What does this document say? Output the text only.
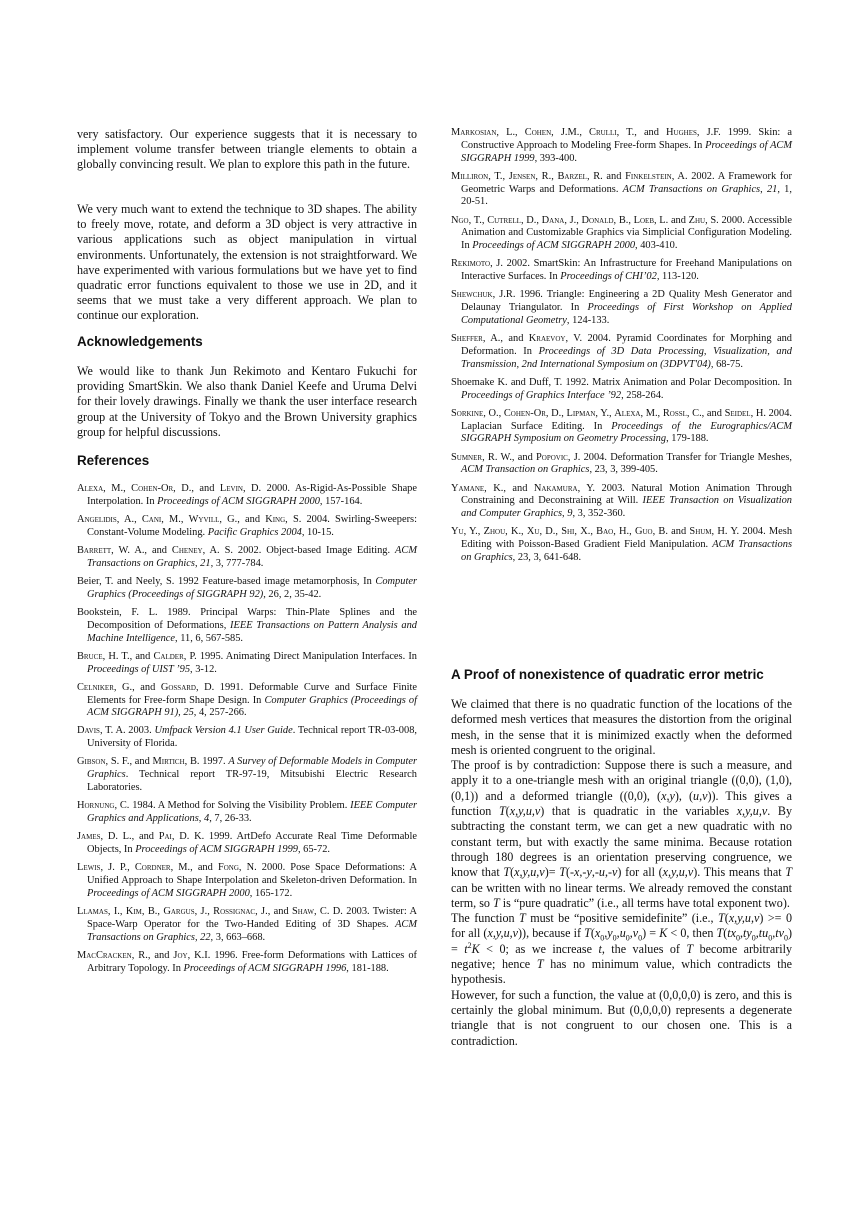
very satisfactory. Our experience suggests that it is necessary to implement volume transfer between triangle elements to obtain a globally convincing result. We plan to explore this path in the future.

We very much want to extend the technique to 3D shapes. The ability to freely move, rotate, and deform a 3D object is very attractive in various applications such as object manipulation in virtual environments. Unfortunately, the extension is not straightforward. We have experimented with various formulations but we have yet to find quadratic error functions equivalent to those we use in 2D, and it seems that we must take a very different approach. We plan to continue our exploration.

Acknowledgements

We would like to thank Jun Rekimoto and Kentaro Fukuchi for providing SmartSkin. We also thank Daniel Keefe and Uruma Delvi for their lovely drawings. Finally we thank the user interface research group at the University of Tokyo and the Brown University graphics group for helpful discussions.

References
Alexa, M., Cohen-Or, D., and Levin, D. 2000. As-Rigid-As-Possible Shape Interpolation. In Proceedings of ACM SIGGRAPH 2000, 157-164.
Angelidis, A., Cani, M., Wyvill, G., and King, S. 2004. Swirling-Sweepers: Constant-Volume Modeling. Pacific Graphics 2004, 10-15.
Barrett, W. A., and Cheney, A. S. 2002. Object-based Image Editing. ACM Transactions on Graphics, 21, 3, 777-784.
Beier, T. and Neely, S. 1992 Feature-based image metamorphosis, In Computer Graphics (Proceedings of SIGGRAPH 92), 26, 2, 35-42.
Bookstein, F. L. 1989. Principal Warps: Thin-Plate Splines and the Decomposition of Deformations, IEEE Transactions on Pattern Analysis and Machine Intelligence, 11, 6, 567-585.
Bruce, H. T., and Calder, P. 1995. Animating Direct Manipulation Interfaces. In Proceedings of UIST ’95, 3-12.
Celniker, G., and Gossard, D. 1991. Deformable Curve and Surface Finite Elements for Free-form Shape Design. In Computer Graphics (Proceedings of ACM SIGGRAPH 91), 25, 4, 257-266.
Davis, T. A. 2003. Umfpack Version 4.1 User Guide. Technical report TR-03-008, University of Florida.
Gibson, S. F., and Mirtich, B. 1997. A Survey of Deformable Models in Computer Graphics. Technical report TR-97-19, Mitsubishi Electric Research Laboratories.
Hornung, C. 1984. A Method for Solving the Visibility Problem. IEEE Computer Graphics and Applications, 4, 7, 26-33.
James, D. L., and Pai, D. K. 1999. ArtDefo Accurate Real Time Deformable Objects, In Proceedings of ACM SIGGRAPH 1999, 65-72.
Lewis, J. P., Cordner, M., and Fong, N. 2000. Pose Space Deformations: A Unified Approach to Shape Interpolation and Skeleton-driven Deformation. In Proceedings of ACM SIGGRAPH 2000, 165-172.
Llamas, I., Kim, B., Gargus, J., Rossignac, J., and Shaw, C. D. 2003. Twister: A Space-Warp Operator for the Two-Handed Editing of 3D Shapes. ACM Transactions on Graphics, 22, 3, 663–668.
MacCracken, R., and Joy, K.I. 1996. Free-form Deformations with Lattices of Arbitrary Topology. In Proceedings of ACM SIGGRAPH 1996, 181-188.
Markosian, L., Cohen, J.M., Crulli, T., and Hughes, J.F. 1999. Skin: a Constructive Approach to Modeling Free-form Shapes. In Proceedings of ACM SIGGRAPH 1999, 393-400.
Milliron, T., Jensen, R., Barzel, R. and Finkelstein, A. 2002. A Framework for Geometric Warps and Deformations. ACM Transactions on Graphics, 21, 1, 20-51.
Ngo, T., Cutrell, D., Dana, J., Donald, B., Loeb, L. and Zhu, S. 2000. Accessible Animation and Customizable Graphics via Simplicial Configuration Modeling. In Proceedings of ACM SIGGRAPH 2000, 403-410.
Rekimoto, J. 2002. SmartSkin: An Infrastructure for Freehand Manipulations on Interactive Surfaces. In Proceedings of CHI’02, 113-120.
Shewchuk, J.R. 1996. Triangle: Engineering a 2D Quality Mesh Generator and Delaunay Triangulator. In Proceedings of First Workshop on Applied Computational Geometry, 124-133.
Sheffer, A., and Kraevoy, V. 2004. Pyramid Coordinates for Morphing and Deformation. In Proceedings of 3D Data Processing, Visualization, and Transmission, 2nd International Symposium on (3DPVT'04), 68-75.
Shoemake K. and Duff, T. 1992. Matrix Animation and Polar Decomposition. In Proceedings of Graphics Interface ’92, 258-264.
Sorkine, O., Cohen-Or, D., Lipman, Y., Alexa, M., Rossl, C., and Seidel, H. 2004. Laplacian Surface Editing. In Proceedings of the Eurographics/ACM SIGGRAPH Symposium on Geometry Processing, 179-188.
Sumner, R. W., and Popovic, J. 2004. Deformation Transfer for Triangle Meshes, ACM Transaction on Graphics, 23, 3, 399-405.
Yamane, K., and Nakamura, Y. 2003. Natural Motion Animation Through Constraining and Deconstraining at Will. IEEE Transaction on Visualization and Computer Graphics, 9, 3, 352-360.
Yu, Y., Zhou, K., Xu, D., Shi, X., Bao, H., Guo, B. and Shum, H. Y. 2004. Mesh Editing with Poisson-Based Gradient Field Manipulation. ACM Transactions on Graphics, 23, 3, 641-648.
A Proof of nonexistence of quadratic error metric

We claimed that there is no quadratic function of the locations of the deformed mesh vertices that measures the distortion from the original mesh, in the sense that it is minimized exactly when the deformed mesh is oriented congruent to the original.

The proof is by contradiction: Suppose there is such a measure, and apply it to a one-triangle mesh with an original triangle ((0,0), (1,0), (0,1)) and a deformed triangle ((0,0), (x,y), (u,v)). This gives a function T(x,y,u,v) that is quadratic in the variables x,y,u,v. By subtracting the constant term, we can get a new quadratic with no constant term, but with exactly the same minima. Because rotation through 180 degrees is an orientation preserving congruence, we know that T(x,y,u,v)= T(-x,-y,-u,-v) for all (x,y,u,v). This means that T can be written with no linear terms. We already removed the constant term, so T is “pure quadratic” (i.e., all terms have total exponent two).

The function T must be “positive semidefinite” (i.e., T(x,y,u,v) >= 0 for all (x,y,u,v)), because if $T(x_0,y_0,u_0,v_0) = K < 0$, then $T(tx_0,ty_0,tu_0,tv_0) = t^2K < 0$; as we increase t, the values of T become arbitrarily negative; hence T has no minimum value, which contradicts the hypothesis.

However, for such a function, the value at (0,0,0,0) is zero, and this is certainly the global minimum. But (0,0,0,0) represents a degenerate triangle that is not congruent to our chosen one. This is a contradiction.
